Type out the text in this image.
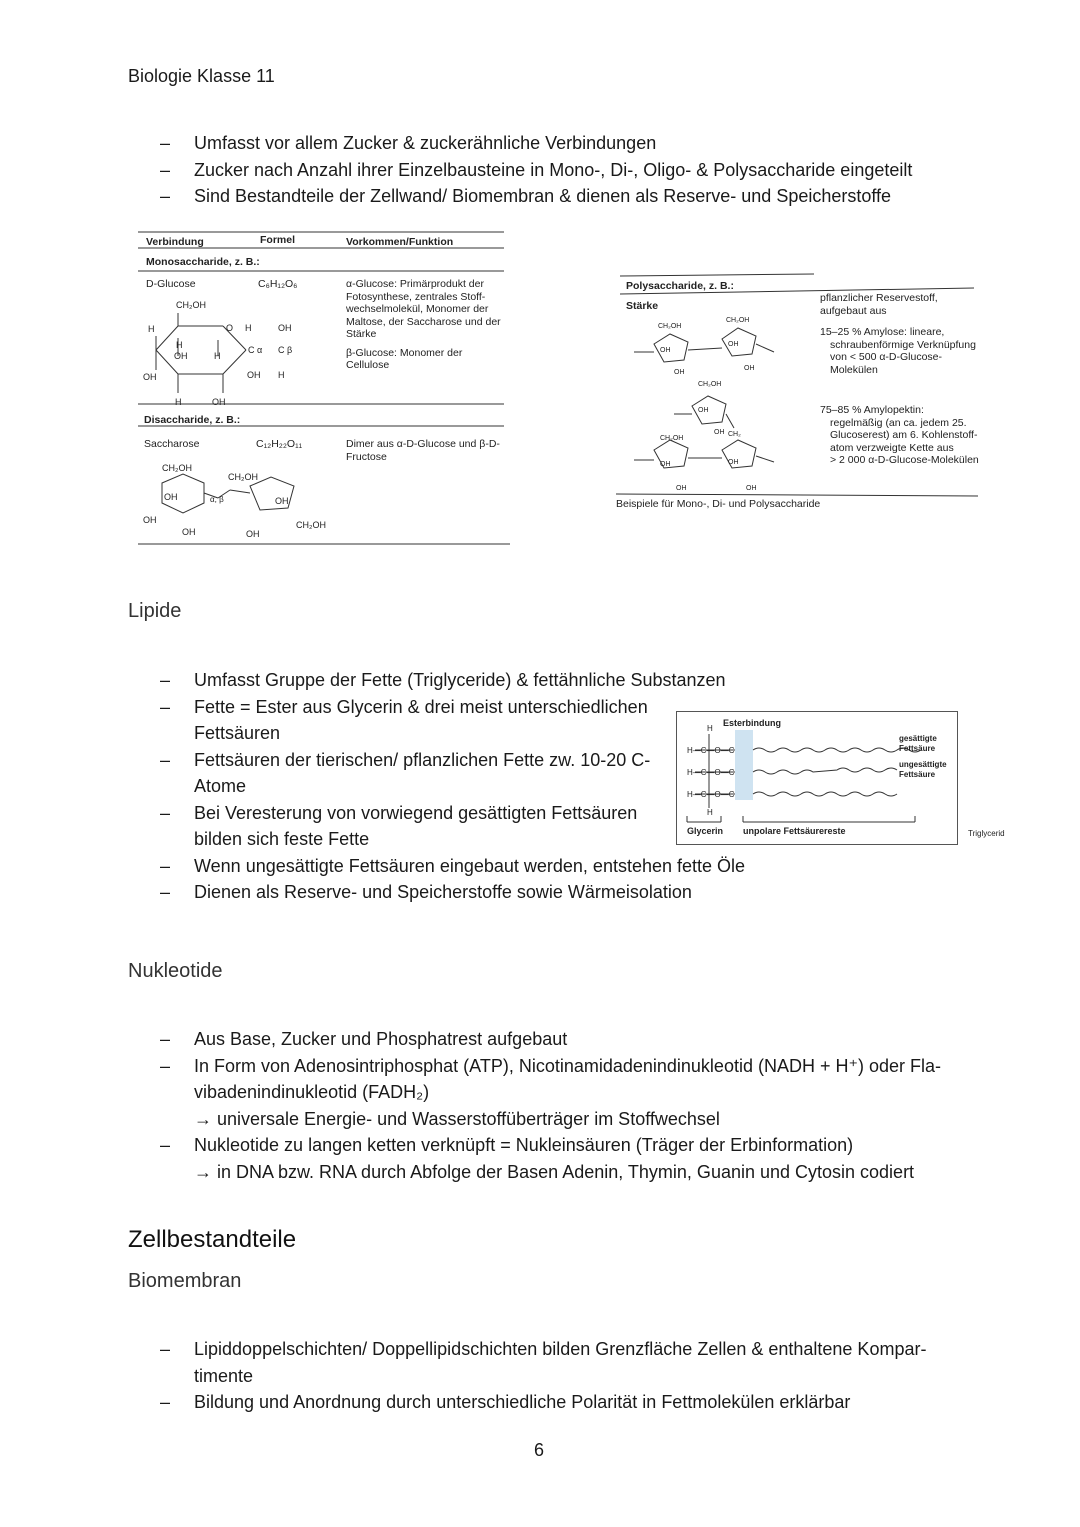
Biologie Klasse 11
– Umfasst vor allem Zucker & zuckerähnliche Verbindungen
– Zucker nach Anzahl ihrer Einzelbausteine in Mono-, Di-, Oligo- & Polysaccharide eingeteilt
– Sind Bestandteile der Zellwand/ Biomembran & dienen als Reserve- und Speicherstoffe
CH₂OH
O
H
H
OH	H
OH
H	OH
H	OH
C α C β
OH H
CH₂OH
OH
OH
OH
α, β
CH₂OH
OH
OH
CH₂OH
Verbindung	Formel	Vorkommen/Funktion
Monosaccharide, z. B.:
D-Glucose	C₆H₁₂O₆	α-Glucose: Primärprodukt der
Fotosynthese, zentrales Stoff-
wechselmolekül, Monomer der
Maltose, der Saccharose und der
Stärke
β-Glucose: Monomer der
Cellulose
Disaccharide, z. B.:
Saccharose	C₁₂H₂₂O₁₁	Dimer aus α-D-Glucose und β-D-
Fructose
CH₂OH
CH₂OH
OH
OH
OH
OH
CH₂OH
OH
OH CH₂
CH₂OH
OH	OH
OH	OH
Polysaccharide, z. B.:
Stärke
pflanzlicher Reservestoff,
aufgebaut aus
15–25 % Amylose: lineare,
schraubenförmige Verknüpfung
von < 500 α-D-Glucose-
Molekülen
75–85 % Amylopektin:
regelmäßig (an ca. jedem 25.
Glucoserest) am 6. Kohlenstoff-
atom verzweigte Kette aus
> 2 000 α-D-Glucose-Molekülen
Beispiele für Mono-, Di- und Polysaccharide
Lipide
– Umfasst Gruppe der Fette (Triglyceride) & fettähnliche Substanzen
– Fette = Ester aus Glycerin & drei meist unterschiedlichen Fettsäuren
– Fettsäuren der tierischen/ pflanzlichen Fette zw. 10-20 C-Atome
– Bei Veresterung von vorwiegend gesättigten Fettsäuren bilden sich feste Fette
– Wenn ungesättigte Fettsäuren eingebaut werden, entstehen fette Öle
– Dienen als Reserve- und Speicherstoffe sowie Wärmeisolation
H
H—C—O—C
H—C—O—C
H—C—O—C
H
Esterbindung
gesättigte
Fettsäure
ungesättigte
Fettsäure
Glycerin unpolare Fettsäurereste	Triglycerid
Nukleotide
– Aus Base, Zucker und Phosphatrest aufgebaut
– In Form von Adenosintriphosphat (ATP), Nicotinamidadenindinukleotid (NADH + H⁺) oder Fla-
vibadenindinukleotid (FADH₂)
→ universale Energie- und Wasserstoffüberträger im Stoffwechsel
– Nukleotide zu langen ketten verknüpft = Nukleinsäuren (Träger der Erbinformation)
→ in DNA bzw. RNA durch Abfolge der Basen Adenin, Thymin, Guanin und Cytosin codiert
Zellbestandteile
Biomembran
– Lipiddoppelschichten/ Doppellipidschichten bilden Grenzfläche Zellen & enthaltene Kompar-
timente
– Bildung und Anordnung durch unterschiedliche Polarität in Fettmolekülen erklärbar
6
